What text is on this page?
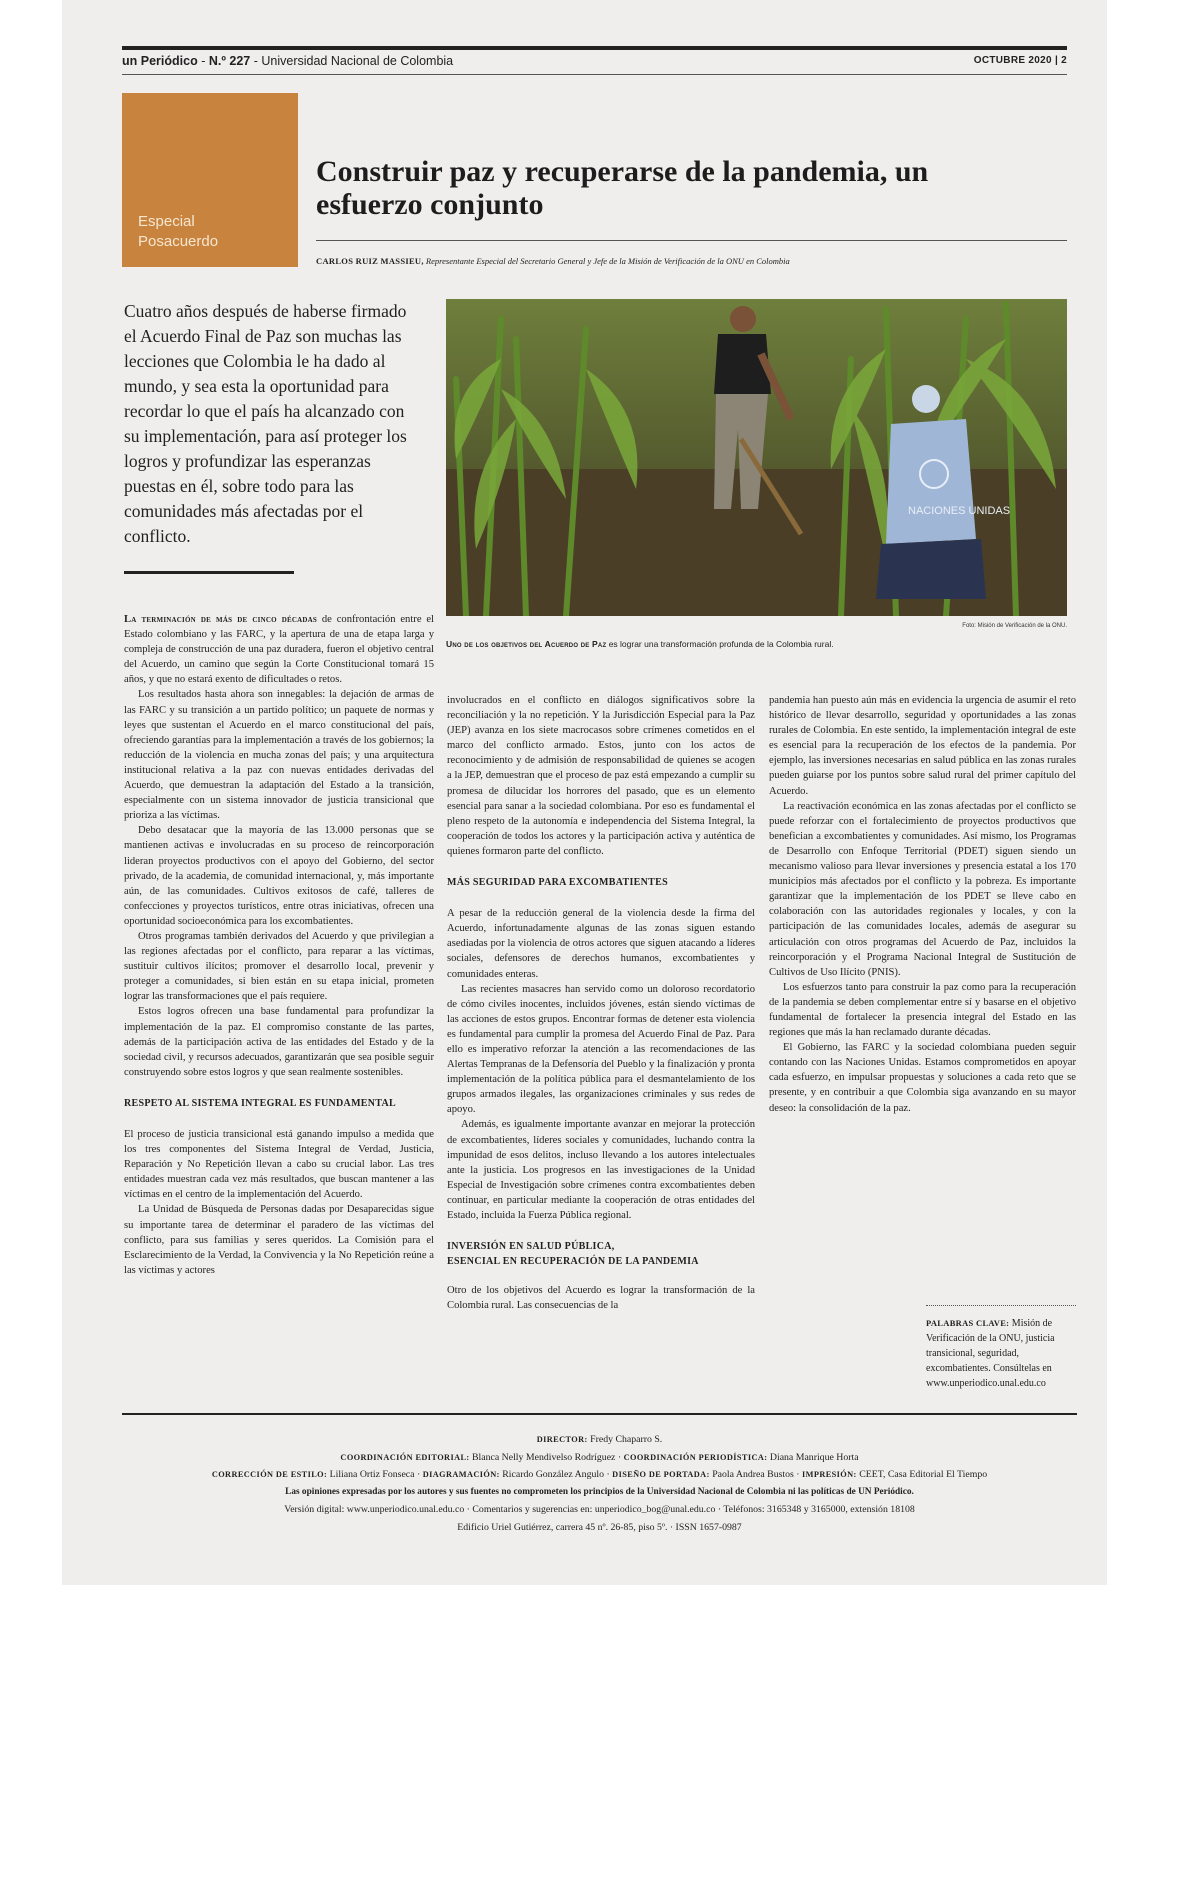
un Periódico - N.º 227 - Universidad Nacional de Colombia	OCTUBRE 2020 | 2
Especial
Posacuerdo
Construir paz y recuperarse de la pandemia, un esfuerzo conjunto
CARLOS RUIZ MASSIEU, Representante Especial del Secretario General y Jefe de la Misión de Verificación de la ONU en Colombia
Cuatro años después de haberse firmado el Acuerdo Final de Paz son muchas las lecciones que Colombia le ha dado al mundo, y sea esta la oportunidad para recordar lo que el país ha alcanzado con su implementación, para así proteger los logros y profundizar las esperanzas puestas en él, sobre todo para las comunidades más afectadas por el conflicto.
NACIONES UNIDAS
Foto: Misión de Verificación de la ONU.
Uno de los objetivos del Acuerdo de Paz es lograr una transformación profunda de la Colombia rural.

La terminación de más de cinco décadas de confrontación entre el Estado colombiano y las FARC, y la apertura de una de etapa larga y compleja de construcción de una paz duradera, fueron el objetivo central del Acuerdo, un camino que según la Corte Constitucional tomará 15 años, y que no estará exento de dificultades o retos.

Los resultados hasta ahora son innegables: la dejación de armas de las FARC y su transición a un partido político; un paquete de normas y leyes que sustentan el Acuerdo en el marco constitucional del país, ofreciendo garantías para la implementación a través de los gobiernos; la reducción de la violencia en mucha zonas del país; y una arquitectura institucional relativa a la paz con nuevas entidades derivadas del Acuerdo, que demuestran la adaptación del Estado a la transición, especialmente con un sistema innovador de justicia transicional que prioriza a las víctimas.

Debo desatacar que la mayoría de las 13.000 personas que se mantienen activas e involucradas en su proceso de reincorporación lideran proyectos productivos con el apoyo del Gobierno, del sector privado, de la academia, de comunidad internacional, y, más importante aún, de las comunidades. Cultivos exitosos de café, talleres de confecciones y proyectos turísticos, entre otras iniciativas, ofrecen una oportunidad socioeconómica para los excombatientes.

Otros programas también derivados del Acuerdo y que privilegian a las regiones afectadas por el conflicto, para reparar a las víctimas, sustituir cultivos ilícitos; promover el desarrollo local, prevenir y proteger a comunidades, si bien están en su etapa inicial, prometen lograr las transformaciones que el país requiere.

Estos logros ofrecen una base fundamental para profundizar la implementación de la paz. El compromiso constante de las partes, además de la participación activa de las entidades del Estado y de la sociedad civil, y recursos adecuados, garantizarán que sea posible seguir construyendo sobre estos logros y que sean realmente sostenibles.

RESPETO AL SISTEMA INTEGRAL ES FUNDAMENTAL

El proceso de justicia transicional está ganando impulso a medida que los tres componentes del Sistema Integral de Verdad, Justicia, Reparación y No Repetición llevan a cabo su crucial labor. Las tres entidades muestran cada vez más resultados, que buscan mantener a las víctimas en el centro de la implementación del Acuerdo.

La Unidad de Búsqueda de Personas dadas por Desaparecidas sigue su importante tarea de determinar el paradero de las víctimas del conflicto, para sus familias y seres queridos. La Comisión para el Esclarecimiento de la Verdad, la Convivencia y la No Repetición reúne a las víctimas y actores

involucrados en el conflicto en diálogos significativos sobre la reconciliación y la no repetición. Y la Jurisdicción Especial para la Paz (JEP) avanza en los siete macrocasos sobre crímenes cometidos en el marco del conflicto armado. Estos, junto con los actos de reconocimiento y de admisión de responsabilidad de quienes se acogen a la JEP, demuestran que el proceso de paz está empezando a cumplir su promesa de dilucidar los horrores del pasado, que es un elemento esencial para sanar a la sociedad colombiana. Por eso es fundamental el pleno respeto de la autonomía e independencia del Sistema Integral, la cooperación de todos los actores y la participación activa y auténtica de quienes formaron parte del conflicto.

MÁS SEGURIDAD PARA EXCOMBATIENTES

A pesar de la reducción general de la violencia desde la firma del Acuerdo, infortunadamente algunas de las zonas siguen estando asediadas por la violencia de otros actores que siguen atacando a líderes sociales, defensores de derechos humanos, excombatientes y comunidades enteras.

Las recientes masacres han servido como un doloroso recordatorio de cómo civiles inocentes, incluidos jóvenes, están siendo víctimas de las acciones de estos grupos. Encontrar formas de detener esta violencia es fundamental para cumplir la promesa del Acuerdo Final de Paz. Para ello es imperativo reforzar la atención a las recomendaciones de las Alertas Tempranas de la Defensoría del Pueblo y la finalización y pronta implementación de la política pública para el desmantelamiento de los grupos armados ilegales, las organizaciones criminales y sus redes de apoyo.

Además, es igualmente importante avanzar en mejorar la protección de excombatientes, líderes sociales y comunidades, luchando contra la impunidad de esos delitos, incluso llevando a los autores intelectuales ante la justicia. Los progresos en las investigaciones de la Unidad Especial de Investigación sobre crímenes contra excombatientes deben continuar, en particular mediante la cooperación de otras entidades del Estado, incluida la Fuerza Pública regional.

INVERSIÓN EN SALUD PÚBLICA,
ESENCIAL EN RECUPERACIÓN DE LA PANDEMIA

Otro de los objetivos del Acuerdo es lograr la transformación de la Colombia rural. Las consecuencias de la

pandemia han puesto aún más en evidencia la urgencia de asumir el reto histórico de llevar desarrollo, seguridad y oportunidades a las zonas rurales de Colombia. En este sentido, la implementación integral de este es esencial para la recuperación de los efectos de la pandemia. Por ejemplo, las inversiones necesarias en salud pública en las zonas rurales pueden guiarse por los puntos sobre salud rural del primer capítulo del Acuerdo.

La reactivación económica en las zonas afectadas por el conflicto se puede reforzar con el fortalecimiento de proyectos productivos que benefician a excombatientes y comunidades. Así mismo, los Programas de Desarrollo con Enfoque Territorial (PDET) siguen siendo un mecanismo valioso para llevar inversiones y presencia estatal a los 170 municipios más afectados por el conflicto y la pobreza. Es importante garantizar que la implementación de los PDET se lleve cabo en colaboración con las autoridades regionales y locales, y con la participación de las comunidades locales, además de asegurar su articulación con otros programas del Acuerdo de Paz, incluidos la reincorporación y el Programa Nacional Integral de Sustitución de Cultivos de Uso Ilícito (PNIS).

Los esfuerzos tanto para construir la paz como para la recuperación de la pandemia se deben complementar entre sí y basarse en el objetivo fundamental de fortalecer la presencia integral del Estado en las regiones que más la han reclamado durante décadas.

El Gobierno, las FARC y la sociedad colombiana pueden seguir contando con las Naciones Unidas. Estamos comprometidos en apoyar cada esfuerzo, en impulsar propuestas y soluciones a cada reto que se presente, y en contribuir a que Colombia siga avanzando en su mayor deseo: la consolidación de la paz.

PALABRAS CLAVE: Misión de Verificación de la ONU, justicia transicional, seguridad, excombatientes. Consúltelas en www.unperiodico.unal.edu.co
DIRECTOR: Fredy Chaparro S.
COORDINACIÓN EDITORIAL: Blanca Nelly Mendivelso Rodríguez · COORDINACIÓN PERIODÍSTICA: Diana Manrique Horta
CORRECCIÓN DE ESTILO: Liliana Ortiz Fonseca · DIAGRAMACIÓN: Ricardo González Angulo · DISEÑO DE PORTADA: Paola Andrea Bustos · IMPRESIÓN: CEET, Casa Editorial El Tiempo
Las opiniones expresadas por los autores y sus fuentes no comprometen los principios de la Universidad Nacional de Colombia ni las políticas de UN Periódico.
Versión digital: www.unperiodico.unal.edu.co · Comentarios y sugerencias en: unperiodico_bog@unal.edu.co · Teléfonos: 3165348 y 3165000, extensión 18108
Edificio Uriel Gutiérrez, carrera 45 nº. 26-85, piso 5º. · ISSN 1657-0987
